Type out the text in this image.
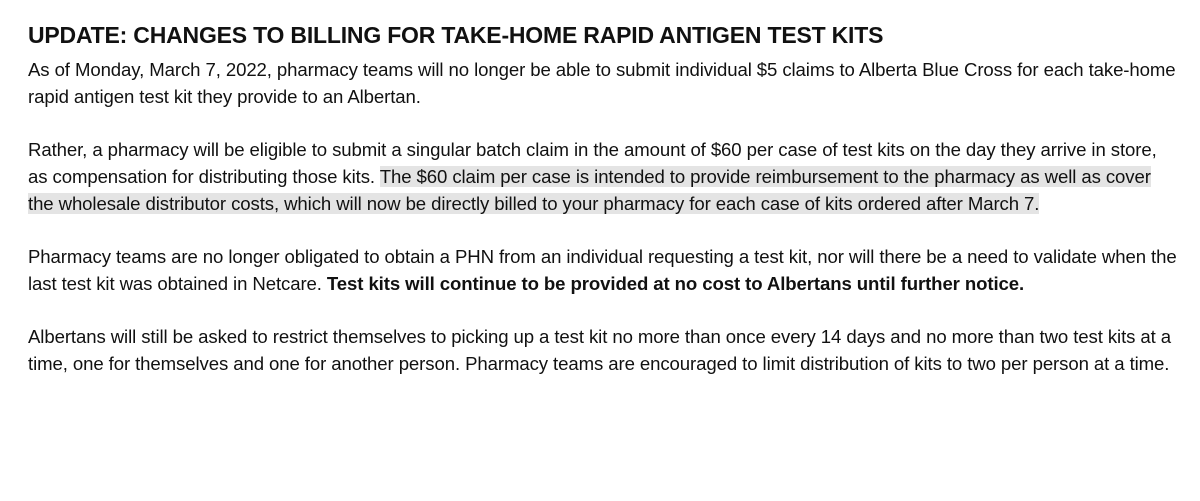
UPDATE: CHANGES TO BILLING FOR TAKE-HOME RAPID ANTIGEN TEST KITS

As of Monday, March 7, 2022, pharmacy teams will no longer be able to submit individual $5 claims to Alberta Blue Cross for each take-home rapid antigen test kit they provide to an Albertan.

Rather, a pharmacy will be eligible to submit a singular batch claim in the amount of $60 per case of test kits on the day they arrive in store, as compensation for distributing those kits. The $60 claim per case is intended to provide reimbursement to the pharmacy as well as cover the wholesale distributor costs, which will now be directly billed to your pharmacy for each case of kits ordered after March 7.

Pharmacy teams are no longer obligated to obtain a PHN from an individual requesting a test kit, nor will there be a need to validate when the last test kit was obtained in Netcare. Test kits will continue to be provided at no cost to Albertans until further notice.

Albertans will still be asked to restrict themselves to picking up a test kit no more than once every 14 days and no more than two test kits at a time, one for themselves and one for another person. Pharmacy teams are encouraged to limit distribution of kits to two per person at a time.
